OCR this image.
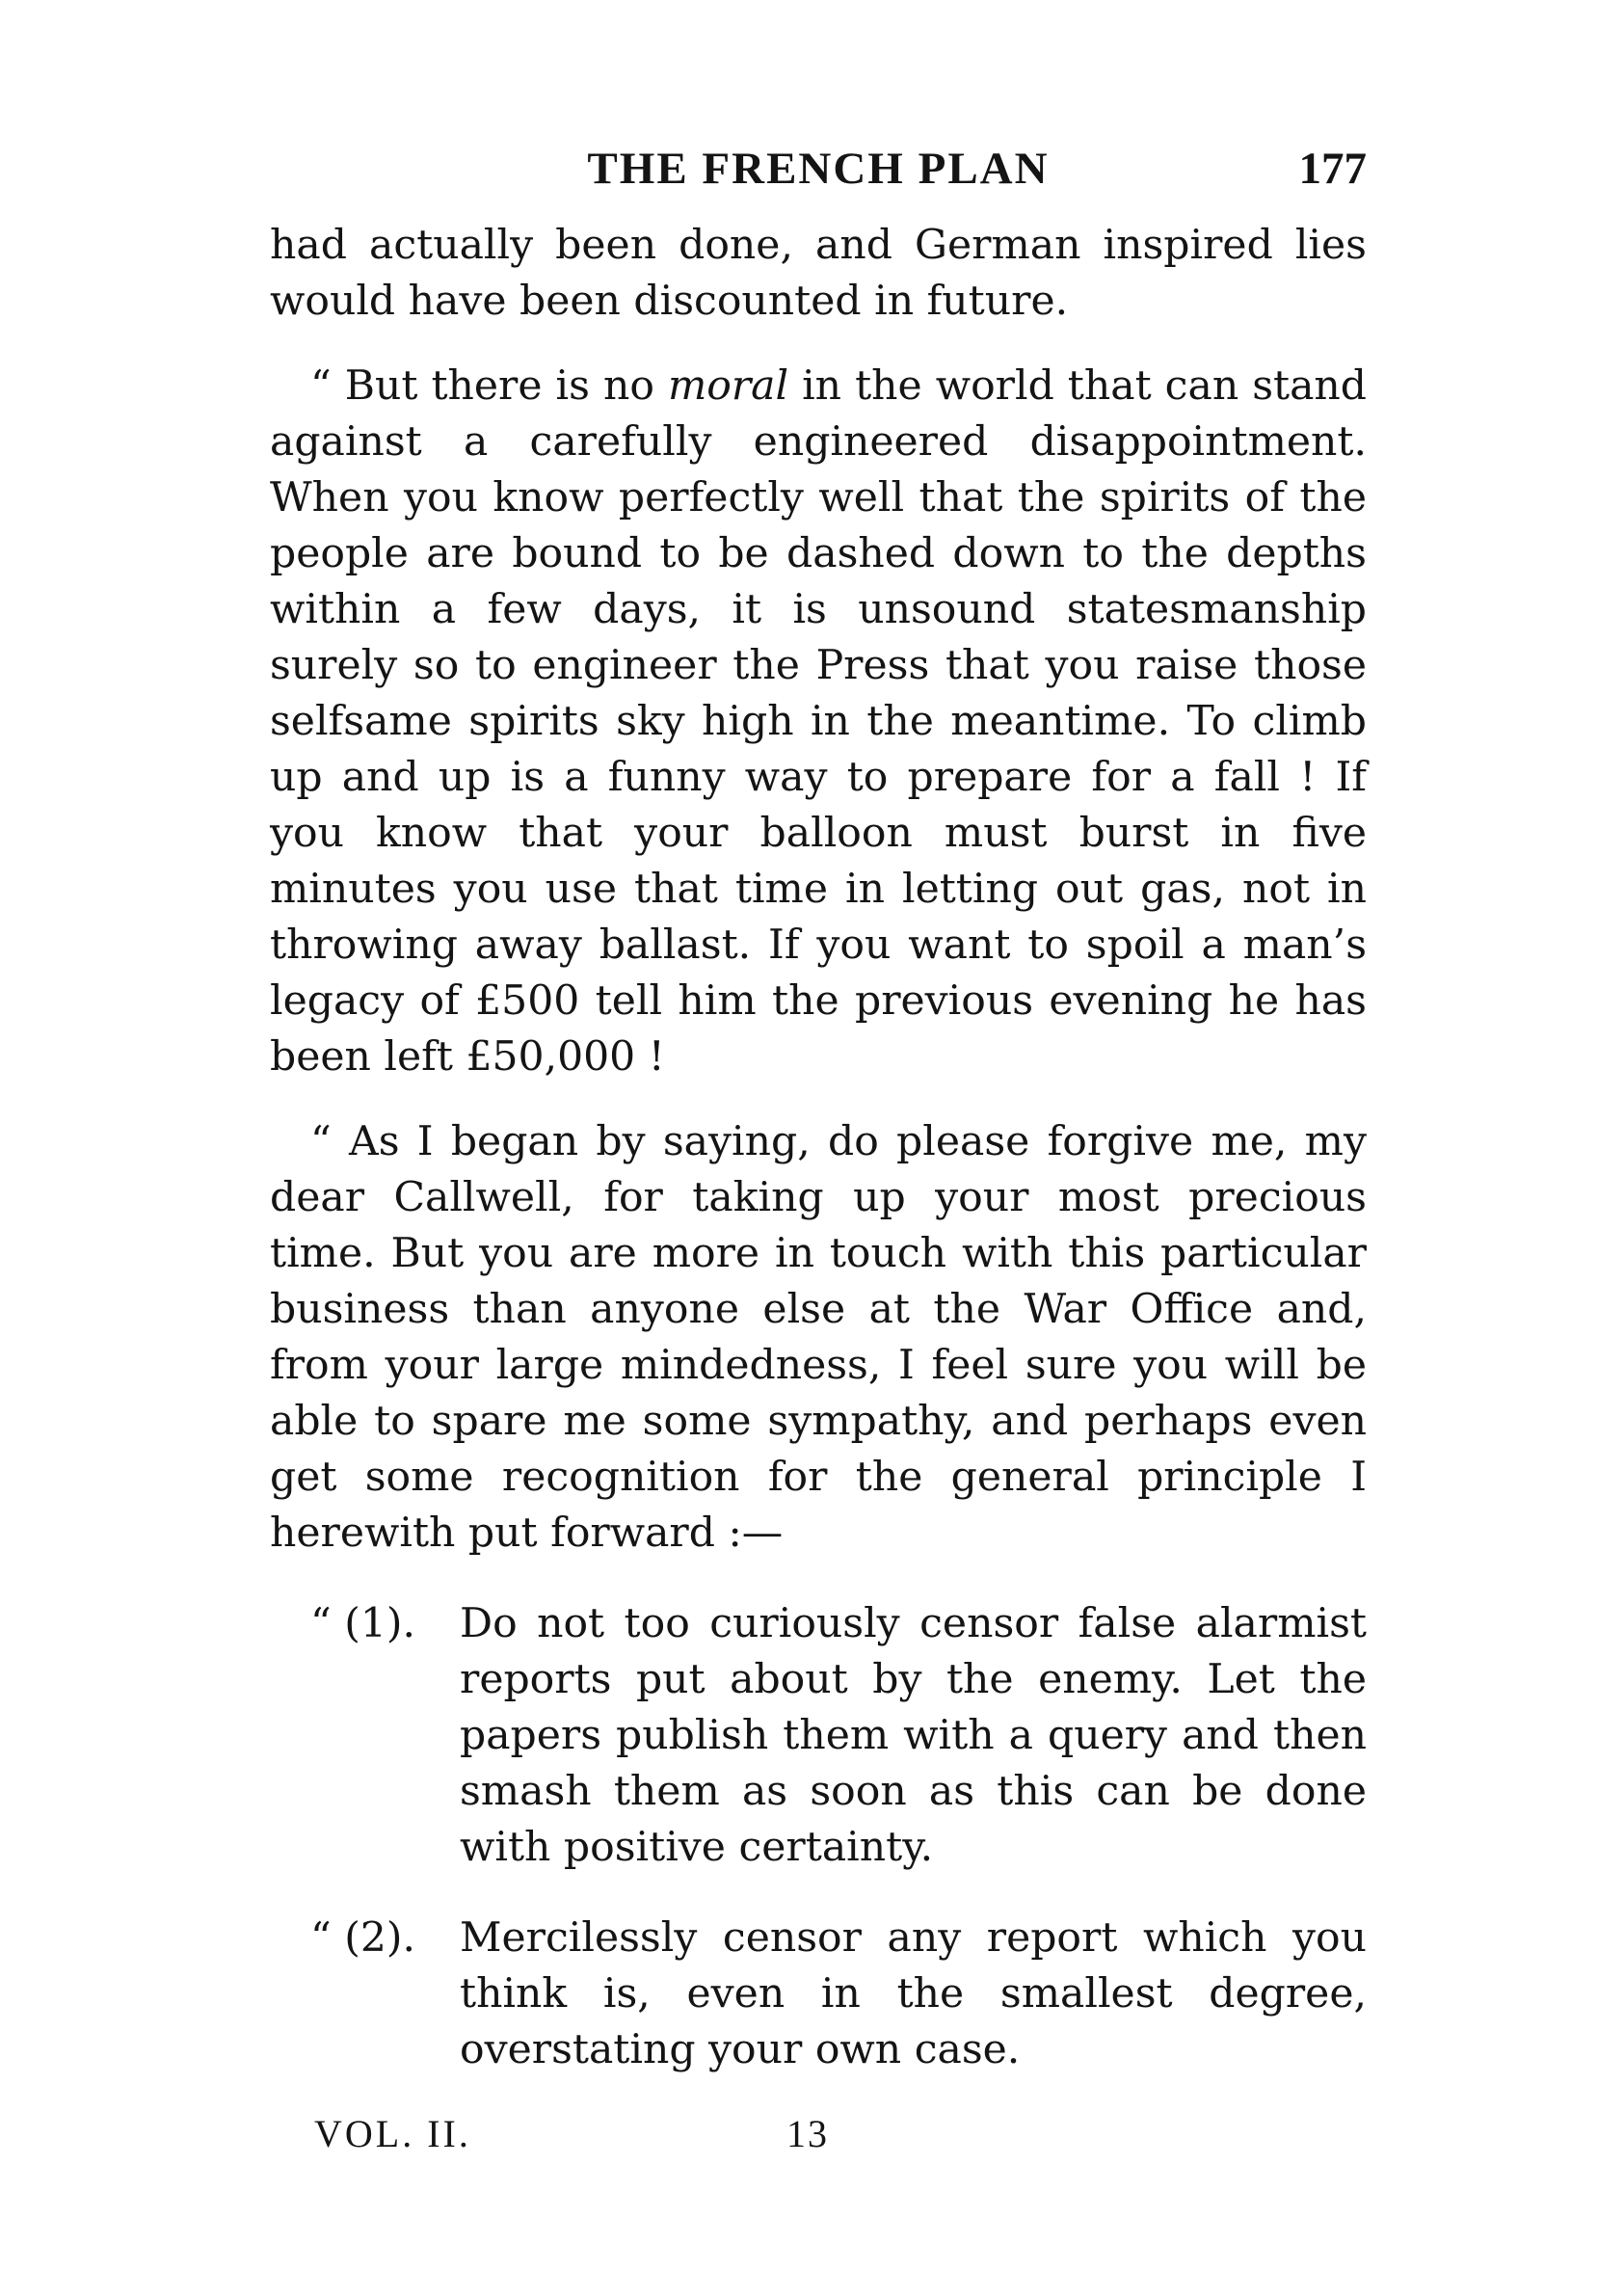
THE FRENCH PLAN	177

had actually been done, and German inspired lies would have been discounted in future.

“ But there is no moral in the world that can stand against a carefully engineered disappointment. When you know perfectly well that the spirits of the people are bound to be dashed down to the depths within a few days, it is unsound statesmanship surely so to engineer the Press that you raise those selfsame spirits sky high in the meantime. To climb up and up is a funny way to prepare for a fall ! If you know that your balloon must burst in five minutes you use that time in letting out gas, not in throwing away ballast. If you want to spoil a man’s legacy of £500 tell him the previous evening he has been left £50,000 !

“ As I began by saying, do please forgive me, my dear Callwell, for taking up your most precious time. But you are more in touch with this particular business than anyone else at the War Office and, from your large mindedness, I feel sure you will be able to spare me some sympathy, and perhaps even get some recognition for the general principle I herewith put forward :—

“ (1).	Do not too curiously censor false alarmist reports put about by the enemy. Let the papers publish them with a query and then smash them as soon as this can be done with positive certainty.
“ (2).	Mercilessly censor any report which you think is, even in the smallest degree, overstating your own case.
VOL. II.	13
